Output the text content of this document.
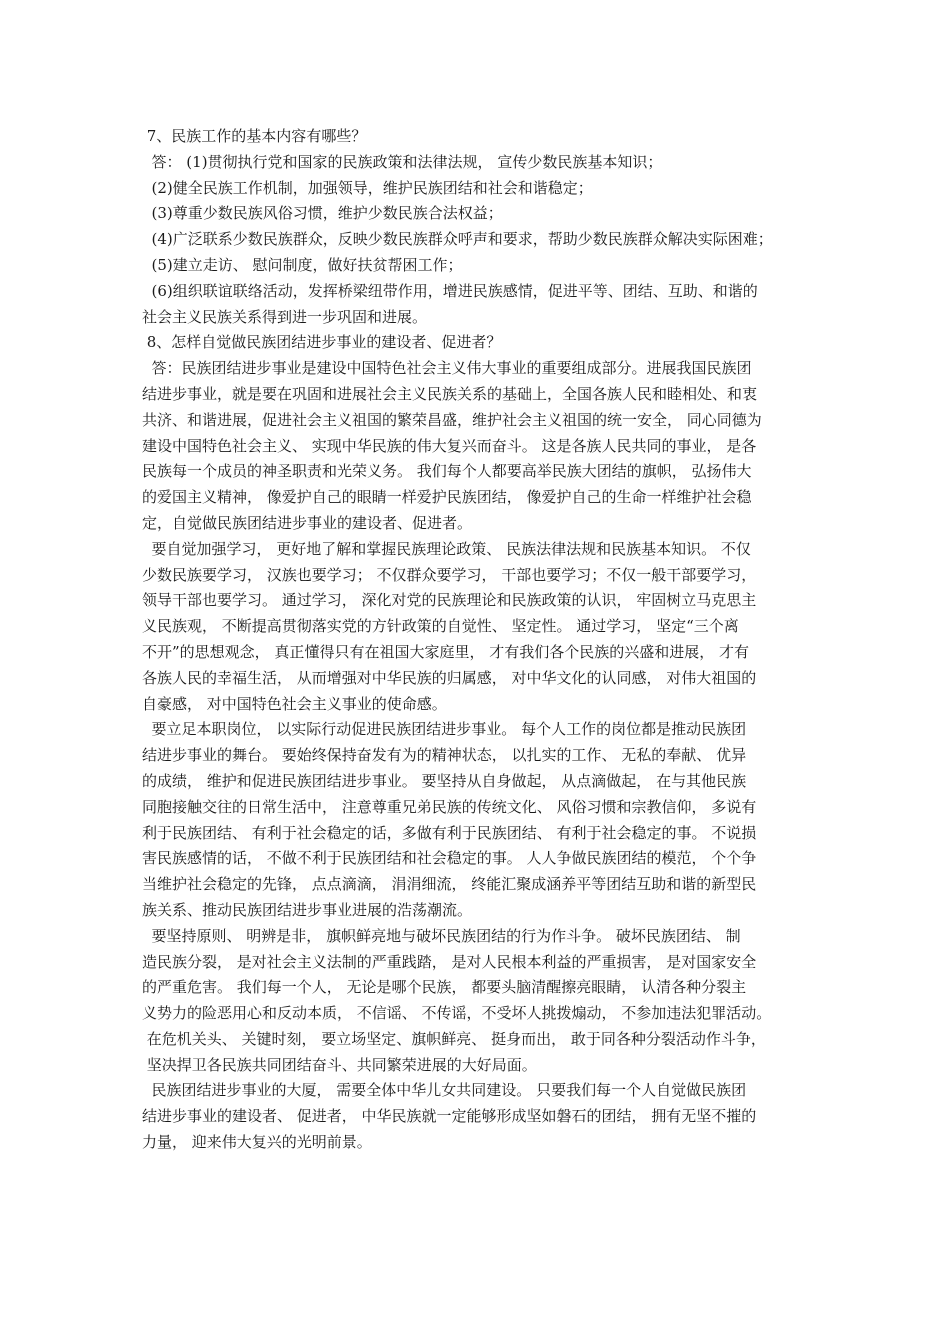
7、民族工作的基本内容有哪些？
答： (1)贯彻执行党和国家的民族政策和法律法规， 宣传少数民族基本知识；
(2)健全民族工作机制，加强领导，维护民族团结和社会和谐稳定；
(3)尊重少数民族风俗习惯，维护少数民族合法权益；
(4)广泛联系少数民族群众，反映少数民族群众呼声和要求，帮助少数民族群众解决实际困难；
(5)建立走访、 慰问制度，做好扶贫帮困工作；
(6)组织联谊联络活动，发挥桥梁纽带作用，增进民族感情，促进平等、团结、互助、和谐的
社会主义民族关系得到进一步巩固和进展。
8、怎样自觉做民族团结进步事业的建设者、促进者？
答：民族团结进步事业是建设中国特色社会主义伟大事业的重要组成部分。进展我国民族团
结进步事业，就是要在巩固和进展社会主义民族关系的基础上，全国各族人民和睦相处、和衷
共济、和谐进展，促进社会主义祖国的繁荣昌盛，维护社会主义祖国的统一安全， 同心同德为
建设中国特色社会主义、 实现中华民族的伟大复兴而奋斗。 这是各族人民共同的事业， 是各
民族每一个成员的神圣职责和光荣义务。 我们每个人都要高举民族大团结的旗帜， 弘扬伟大
的爱国主义精神， 像爱护自己的眼睛一样爱护民族团结， 像爱护自己的生命一样维护社会稳
定，自觉做民族团结进步事业的建设者、促进者。
要自觉加强学习， 更好地了解和掌握民族理论政策、 民族法律法规和民族基本知识。 不仅
少数民族要学习， 汉族也要学习； 不仅群众要学习， 干部也要学习；不仅一般干部要学习，
领导干部也要学习。 通过学习， 深化对党的民族理论和民族政策的认识， 牢固树立马克思主
义民族观， 不断提高贯彻落实党的方针政策的自觉性、 坚定性。 通过学习， 坚定“三个离
不开”的思想观念， 真正懂得只有在祖国大家庭里， 才有我们各个民族的兴盛和进展， 才有
各族人民的幸福生活， 从而增强对中华民族的归属感， 对中华文化的认同感， 对伟大祖国的
自豪感， 对中国特色社会主义事业的使命感。
要立足本职岗位， 以实际行动促进民族团结进步事业。 每个人工作的岗位都是推动民族团
结进步事业的舞台。 要始终保持奋发有为的精神状态， 以扎实的工作、 无私的奉献、 优异
的成绩， 维护和促进民族团结进步事业。 要坚持从自身做起， 从点滴做起， 在与其他民族
同胞接触交往的日常生活中， 注意尊重兄弟民族的传统文化、 风俗习惯和宗教信仰， 多说有
利于民族团结、 有利于社会稳定的话，多做有利于民族团结、 有利于社会稳定的事。 不说损
害民族感情的话， 不做不利于民族团结和社会稳定的事。 人人争做民族团结的模范， 个个争
当维护社会稳定的先锋， 点点滴滴， 涓涓细流， 终能汇聚成涵养平等团结互助和谐的新型民
族关系、推动民族团结进步事业进展的浩荡潮流。
要坚持原则、 明辨是非， 旗帜鲜亮地与破坏民族团结的行为作斗争。 破坏民族团结、 制
造民族分裂， 是对社会主义法制的严重践踏， 是对人民根本利益的严重损害， 是对国家安全
的严重危害。 我们每一个人， 无论是哪个民族， 都要头脑清醒擦亮眼睛， 认清各种分裂主
义势力的险恶用心和反动本质， 不信谣、 不传谣，不受坏人挑拨煽动， 不参加违法犯罪活动。
在危机关头、 关键时刻， 要立场坚定、旗帜鲜亮、 挺身而出， 敢于同各种分裂活动作斗争，
坚决捍卫各民族共同团结奋斗、共同繁荣进展的大好局面。
民族团结进步事业的大厦， 需要全体中华儿女共同建设。 只要我们每一个人自觉做民族团
结进步事业的建设者、 促进者， 中华民族就一定能够形成坚如磐石的团结， 拥有无坚不摧的
力量， 迎来伟大复兴的光明前景。
